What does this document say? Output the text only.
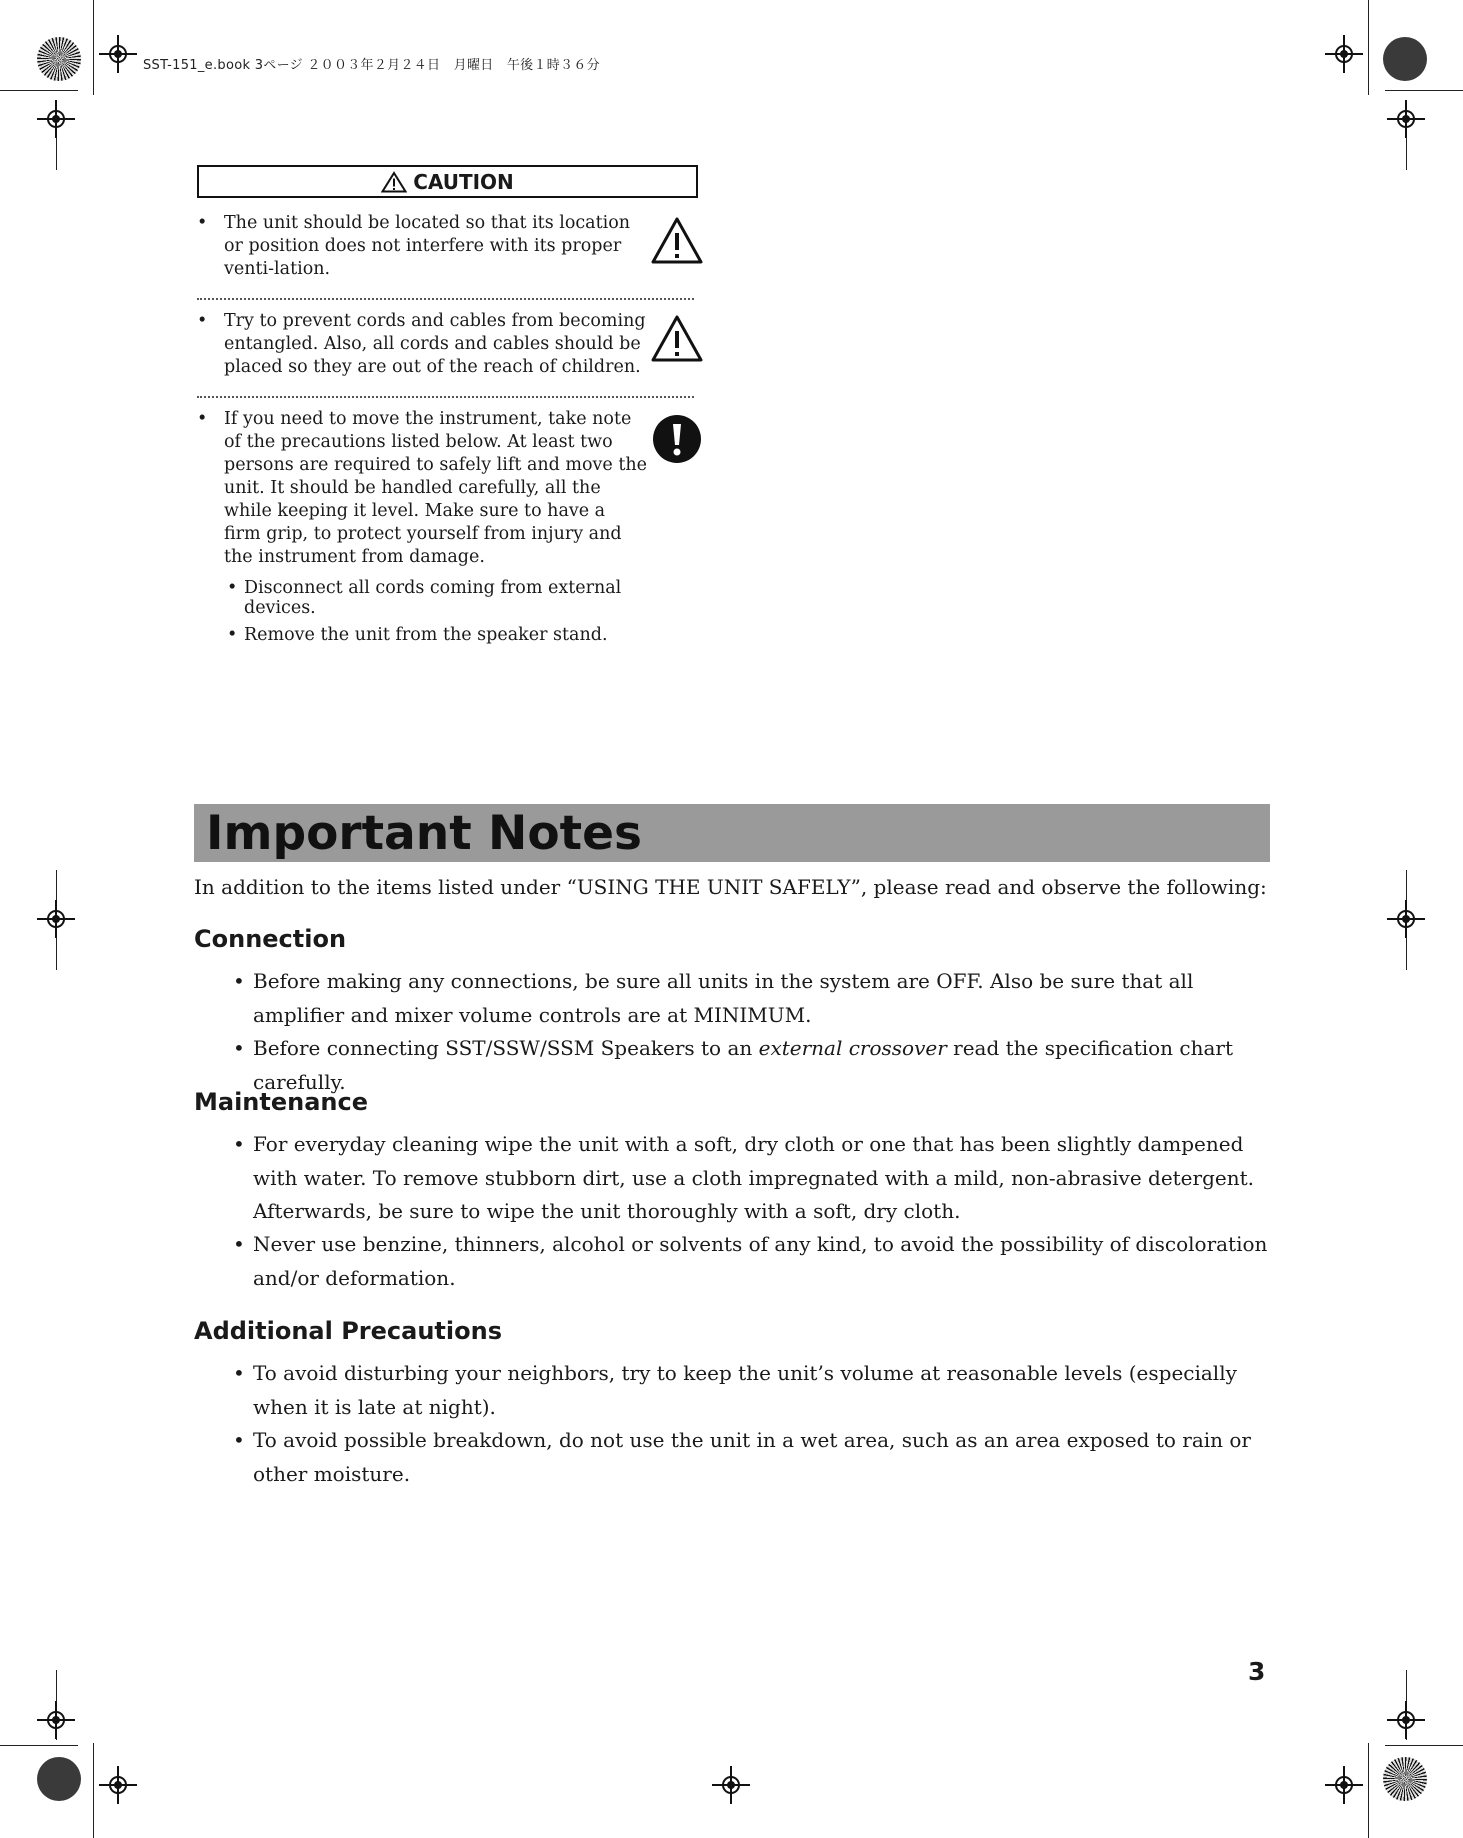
SST-151_e.book 3ページ ２００３年２月２４日　月曜日　午後１時３６分
CAUTION
• The unit should be located so that its location or position does not interfere with its proper venti-lation.
• Try to prevent cords and cables from becoming entangled. Also, all cords and cables should be placed so they are out of the reach of children.
• If you need to move the instrument, take note of the precautions listed below. At least two persons are required to safely lift and move the unit. It should be handled carefully, all the while keeping it level. Make sure to have a firm grip, to protect yourself from injury and the instrument from damage.
• Disconnect all cords coming from external devices.
• Remove the unit from the speaker stand.
Important Notes
In addition to the items listed under “USING THE UNIT SAFELY”, please read and observe the following:
Connection
• Before making any connections, be sure all units in the system are OFF. Also be sure that all amplifier and mixer volume controls are at MINIMUM.
• Before connecting SST/SSW/SSM Speakers to an external crossover read the specification chart carefully.
Maintenance
• For everyday cleaning wipe the unit with a soft, dry cloth or one that has been slightly dampened with water. To remove stubborn dirt, use a cloth impregnated with a mild, non-abrasive detergent. Afterwards, be sure to wipe the unit thoroughly with a soft, dry cloth.
• Never use benzine, thinners, alcohol or solvents of any kind, to avoid the possibility of discoloration and/or deformation.
Additional Precautions
• To avoid disturbing your neighbors, try to keep the unit’s volume at reasonable levels (especially when it is late at night).
• To avoid possible breakdown, do not use the unit in a wet area, such as an area exposed to rain or other moisture.
3
